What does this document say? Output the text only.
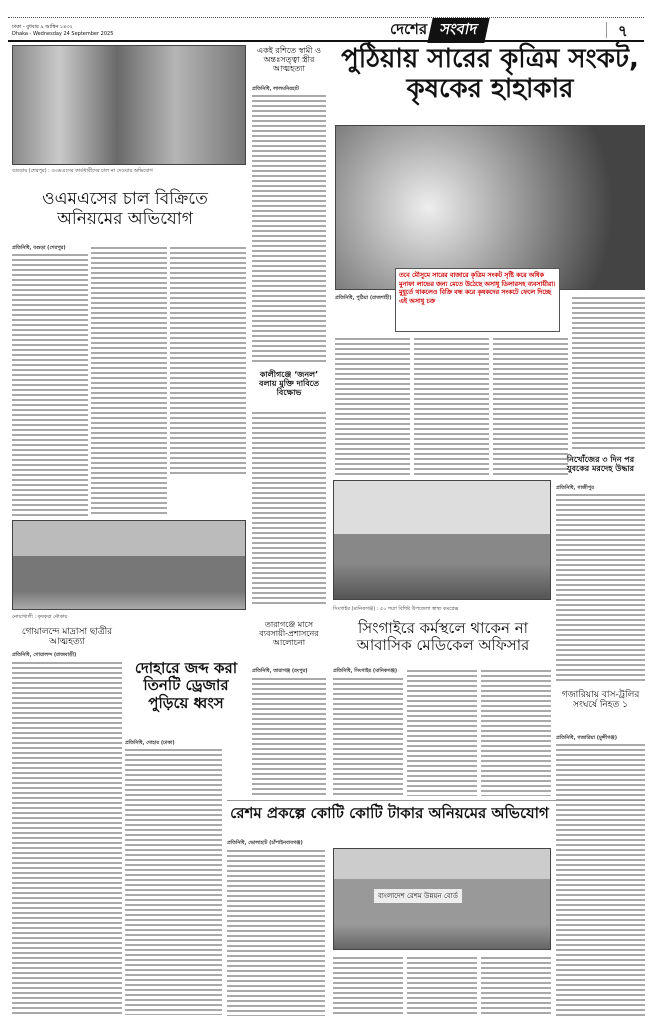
ঢাকা - বুধবার ৯ আশ্বিন ১৪৩২
Dhaka - Wednesday 24 September 2025	দেশের সংবাদ	৭
বগুড়ায় (শেরপুর) : ওএমএসের কার্ডধারীদের চাল না দেওয়ার অভিযোগ
ওএমএসের চাল বিক্রিতে অনিয়মের অভিযোগ
প্রতিনিধি, বগুড়া (শেরপুর)
একই রশিতে স্বামী ও অন্তঃসত্ত্বা স্ত্রীর আত্মহত্যা
প্রতিনিধি, লালমনিরহাট
কালীগঞ্জে ‘জনল’ বলায় মুক্তি দাবিতে বিক্ষোভ
পুঠিয়ায় সারের কৃত্রিম সংকট, কৃষকের হাহাকার
তবে মৌসুমে সারের বাজারে কৃত্রিম সংকট সৃষ্টি করে অধিক মুনাফা লাভের জন্য মেতে উঠেছে অসাধু ডিলারসহ ব্যবসায়ীরা। মুহূর্তে থাকলেও বিক্রি বন্ধ করে কৃষকদের সংকটে ফেলে দিচ্ছে এই অসাধু চক্র
প্রতিনিধি, পুঠিয়া (রাজশাহী)
নিখোঁজের ৩ দিন পর যুবকের মরদেহ উদ্ধার
প্রতিনিধি, গাজীপুর
সিংগাইর (মানিকগঞ্জ) : ৫০ শয্যা বিশিষ্ট উপজেলা স্বাস্থ্য কমপ্লেক্স
নোয়াখালী : কৃষকরা নৌকায়
গোয়ালন্দে মাদ্রাসা ছাত্রীর আত্মহত্যা
প্রতিনিধি, গোয়ালন্দ (রাজবাড়ী)
দোহারে জব্দ করা তিনটি ড্রেজার পুড়িয়ে ধ্বংস
প্রতিনিধি, দোহার (ঢাকা)
তারাগঞ্জে মাসে ব্যবসায়ী-প্রশাসনের আলোচনা
প্রতিনিধি, তারাগঞ্জ (রংপুর)
সিংগাইরে কর্মস্থলে থাকেন না আবাসিক মেডিকেল অফিসার
প্রতিনিধি, সিংগাইর (মানিকগঞ্জ)
গজারিয়ায় বাস-ট্রলির সংঘর্ষে নিহত ১
প্রতিনিধি, গজারিয়া (মুন্সীগঞ্জ)
রেশম প্রকল্পে কোটি কোটি টাকার অনিয়মের অভিযোগ
প্রতিনিধি, ভোলাহাট (চাঁপাইনবাবগঞ্জ)
বাংলাদেশ রেশম উন্নয়ন বোর্ড
